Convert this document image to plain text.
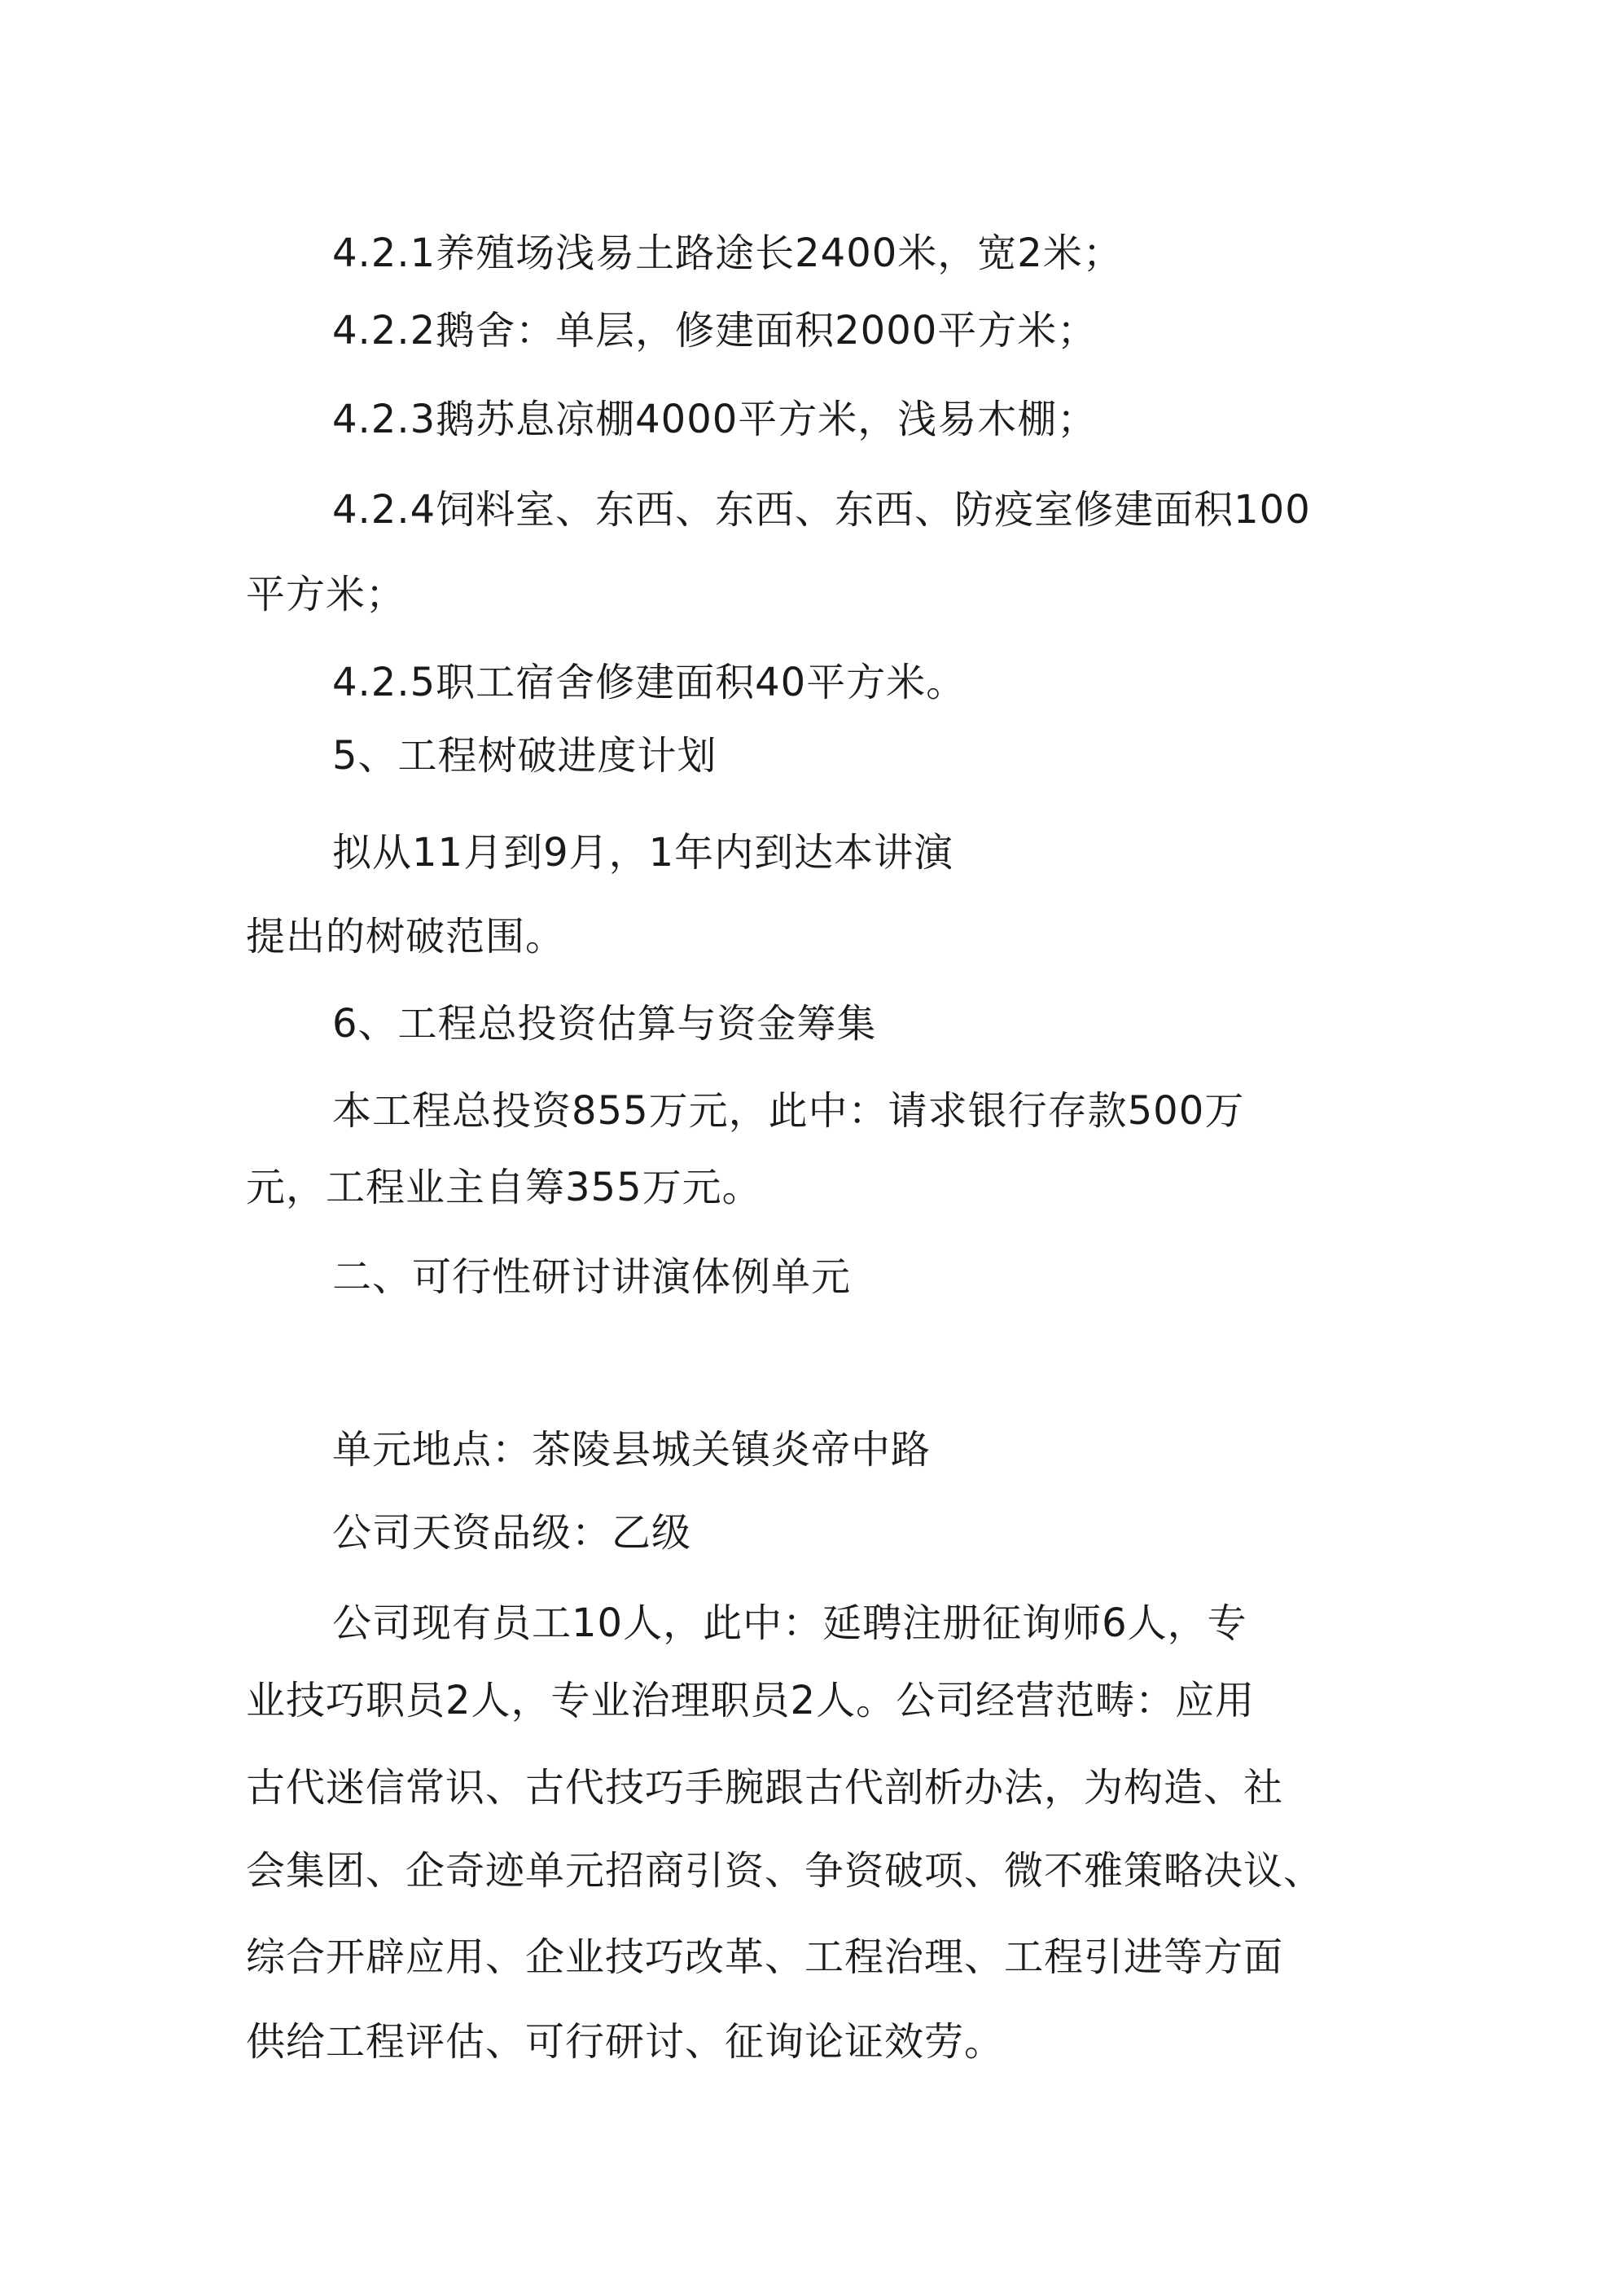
4.2.1养殖场浅易土路途长2400米，宽2米；
4.2.2鹅舍：单层，修建面积2000平方米；
4.2.3鹅苏息凉棚4000平方米，浅易木棚；
4.2.4饲料室、东西、东西、东西、防疫室修建面积100
平方米；
4.2.5职工宿舍修建面积40平方米。
5、工程树破进度计划
拟从11月到9月，1年内到达本讲演
提出的树破范围。
6、工程总投资估算与资金筹集
本工程总投资855万元，此中：请求银行存款500万
元，工程业主自筹355万元。
二、可行性研讨讲演体例单元
单元地点：茶陵县城关镇炎帝中路
公司天资品级：乙级
公司现有员工10人，此中：延聘注册征询师6人，专
业技巧职员2人，专业治理职员2人。公司经营范畴：应用
古代迷信常识、古代技巧手腕跟古代剖析办法，为构造、社
会集团、企奇迹单元招商引资、争资破项、微不雅策略决议、
综合开辟应用、企业技巧改革、工程治理、工程引进等方面
供给工程评估、可行研讨、征询论证效劳。
